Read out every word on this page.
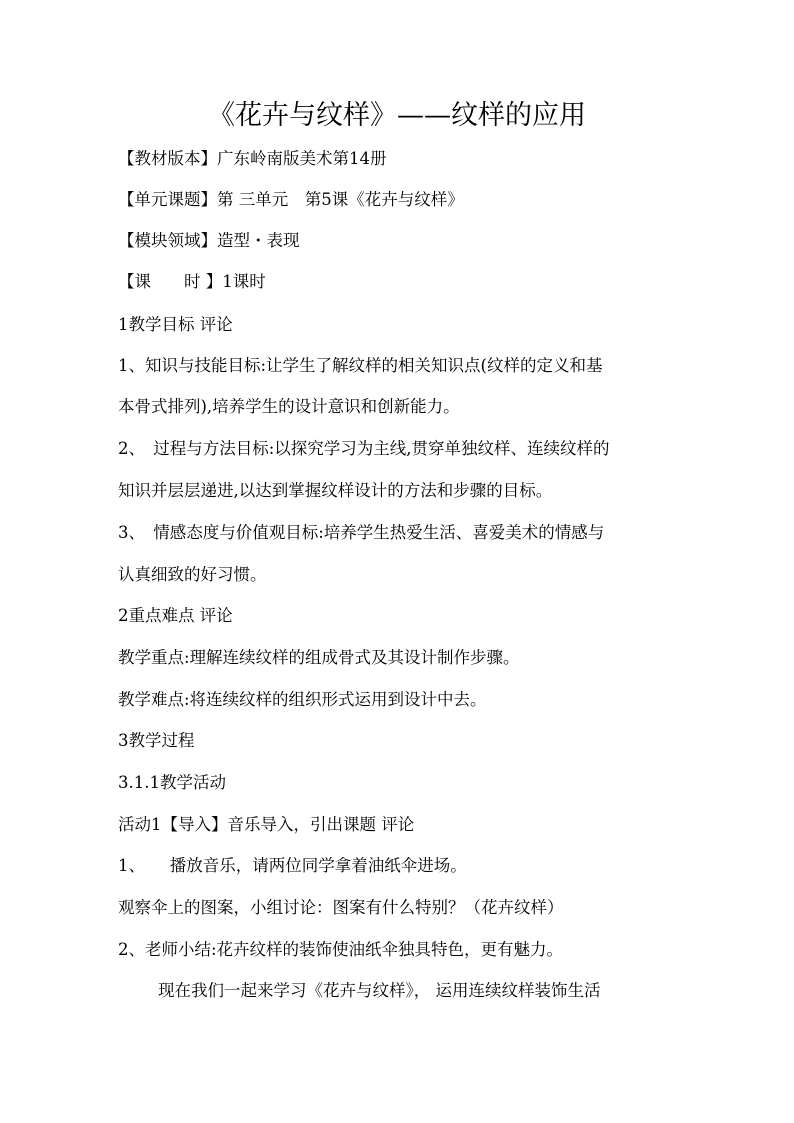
《花卉与纹样》——纹样的应用
【教材版本】广东岭南版美术第14册
【单元课题】第 三单元　第5课《花卉与纹样》
【模块领域】造型・表现
【课　　时 】1课时
1教学目标 评论
1、知识与技能目标:让学生了解纹样的相关知识点(纹样的定义和基
本骨式排列),培养学生的设计意识和创新能力。
2、　过程与方法目标:以探究学习为主线,贯穿单独纹样、连续纹样的
知识并层层递进,以达到掌握纹样设计的方法和步骤的目标。
3、　情感态度与价值观目标:培养学生热爱生活、喜爱美术的情感与
认真细致的好习惯。
2重点难点 评论
教学重点:理解连续纹样的组成骨式及其设计制作步骤。
教学难点:将连续纹样的组织形式运用到设计中去。
3教学过程
3.1.1教学活动
活动1【导入】音乐导入，引出课题 评论
1、　　播放音乐，请两位同学拿着油纸伞进场。
观察伞上的图案，小组讨论：图案有什么特别？（花卉纹样）
2、老师小结:花卉纹样的装饰使油纸伞独具特色，更有魅力。
现在我们一起来学习《花卉与纹样》， 运用连续纹样装饰生活
